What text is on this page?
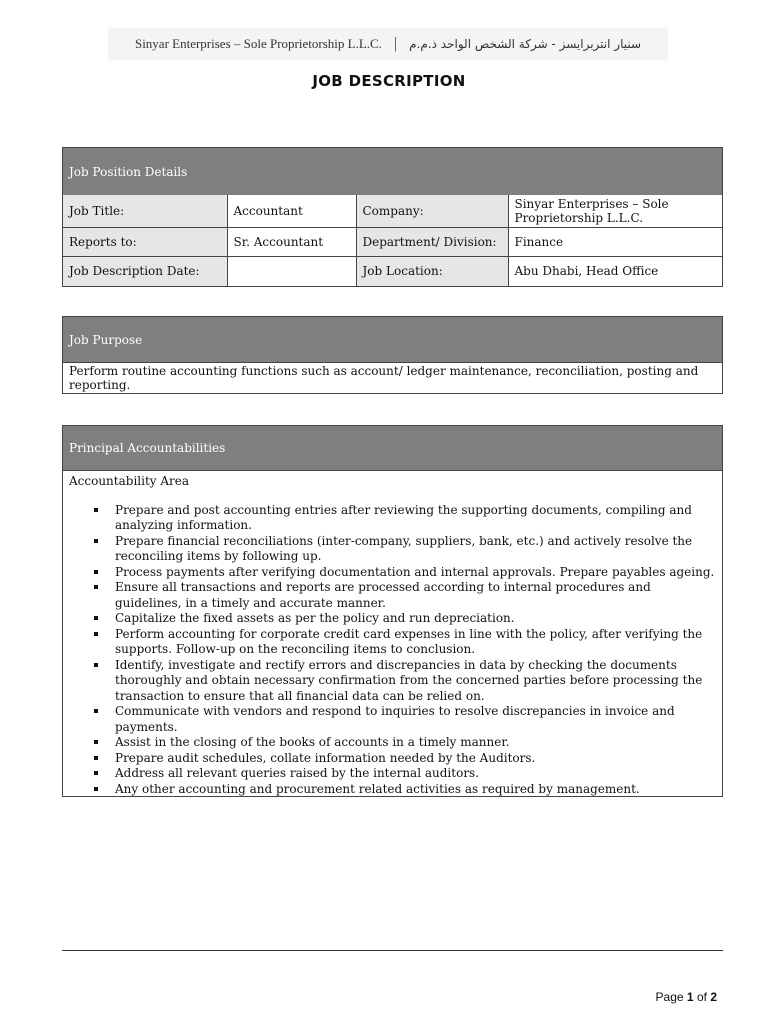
Sinyar Enterprises – Sole Proprietorship L.L.C. | سنيار انتربرايسز - شركة الشخص الواحد ذ.م.م
JOB DESCRIPTION
Job Position Details
Job Title:	Accountant	Company:	Sinyar Enterprises – Sole Proprietorship L.L.C.
Reports to:	Sr. Accountant	Department/ Division:	Finance
Job Description Date:		Job Location:	Abu Dhabi, Head Office
Job Purpose
Perform routine accounting functions such as account/ ledger maintenance, reconciliation, posting and reporting.
Principal Accountabilities
Accountability Area
Prepare and post accounting entries after reviewing the supporting documents, compiling and analyzing information.
Prepare financial reconciliations (inter-company, suppliers, bank, etc.) and actively resolve the reconciling items by following up.
Process payments after verifying documentation and internal approvals. Prepare payables ageing.
Ensure all transactions and reports are processed according to internal procedures and guidelines, in a timely and accurate manner.
Capitalize the fixed assets as per the policy and run depreciation.
Perform accounting for corporate credit card expenses in line with the policy, after verifying the supports. Follow-up on the reconciling items to conclusion.
Identify, investigate and rectify errors and discrepancies in data by checking the documents thoroughly and obtain necessary confirmation from the concerned parties before processing the transaction to ensure that all financial data can be relied on.
Communicate with vendors and respond to inquiries to resolve discrepancies in invoice and payments.
Assist in the closing of the books of accounts in a timely manner.
Prepare audit schedules, collate information needed by the Auditors.
Address all relevant queries raised by the internal auditors.
Any other accounting and procurement related activities as required by management.
Page 1 of 2
